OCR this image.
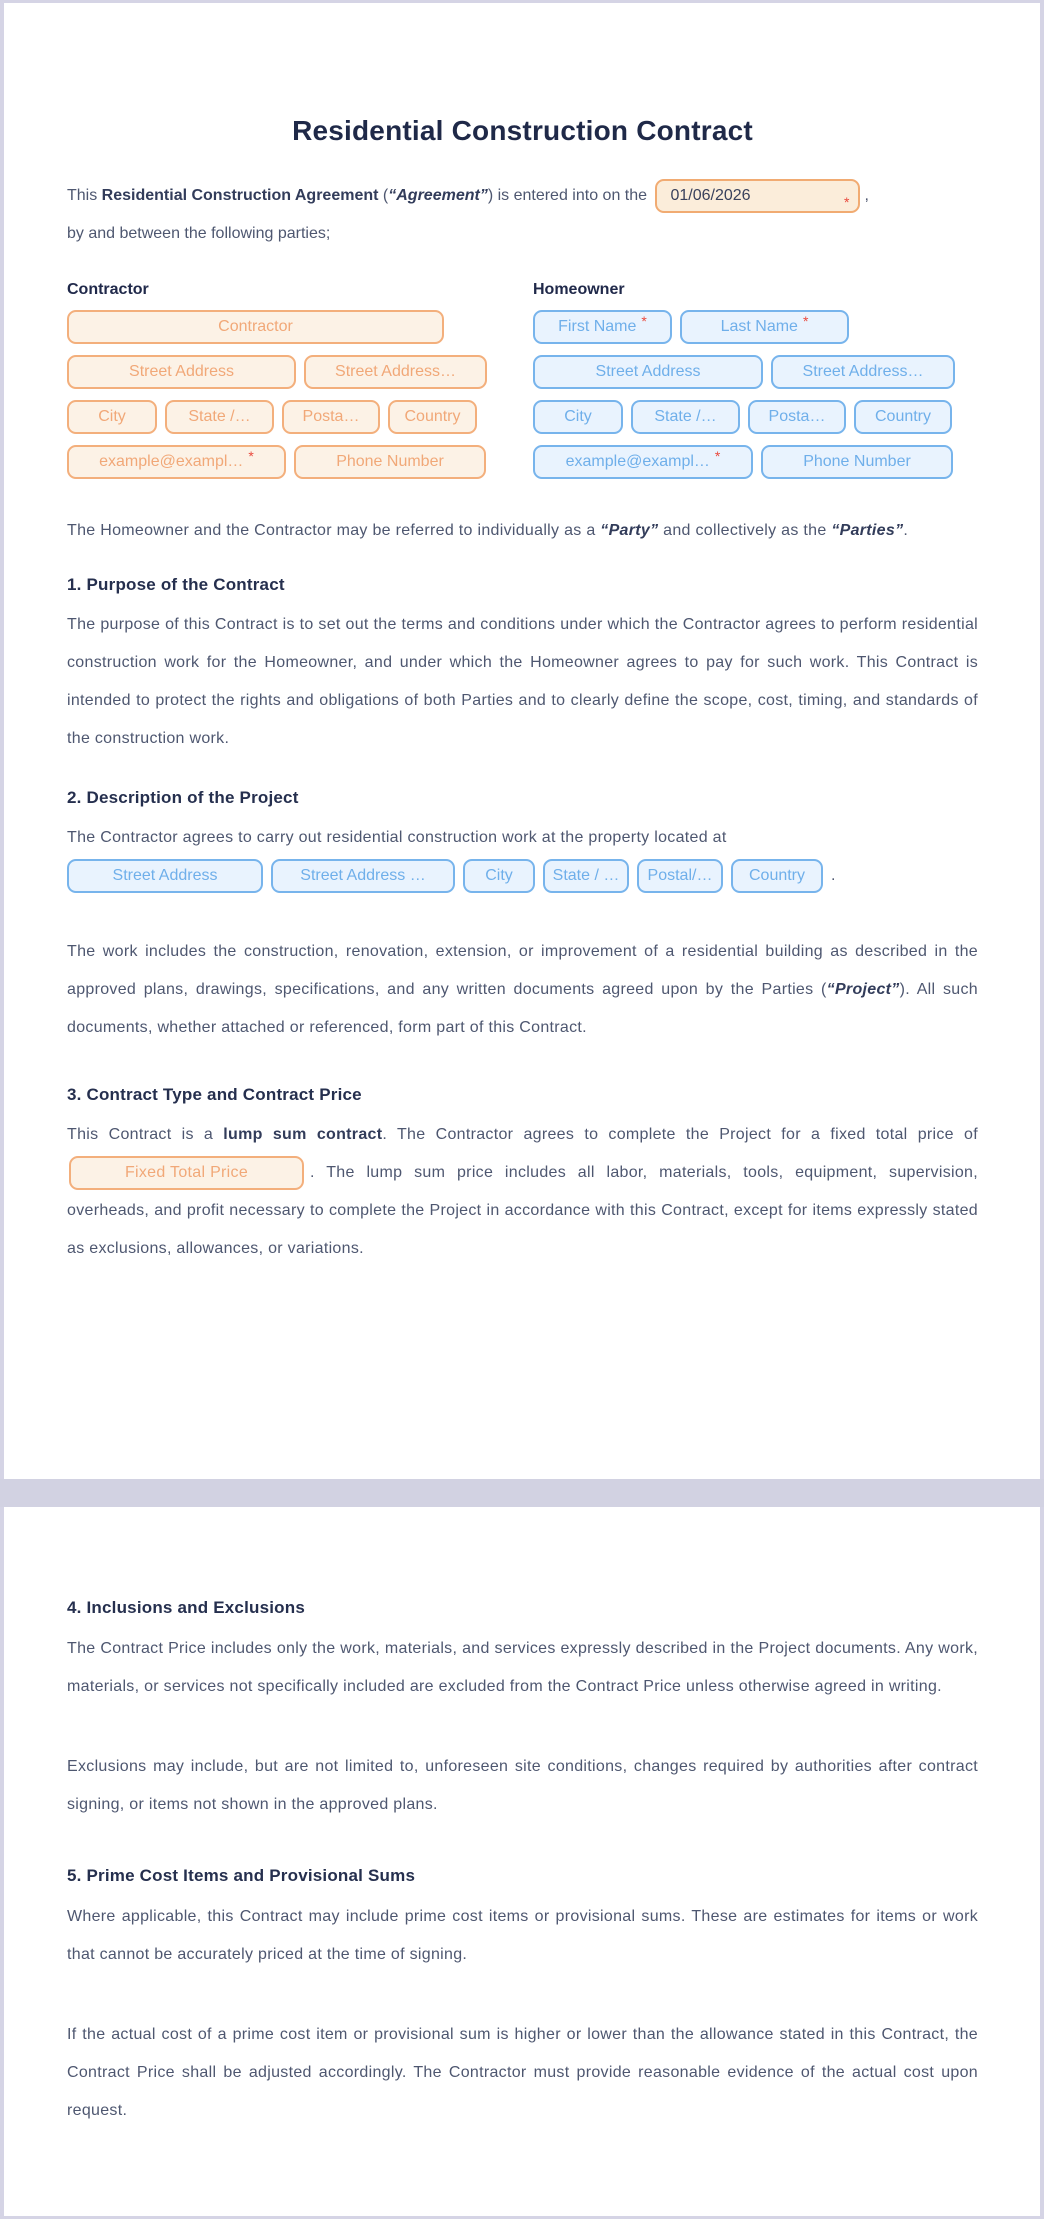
Residential Construction Contract

This Residential Construction Agreement (“Agreement”) is entered into on the 01/06/2026	* ,

by and between the following parties;

Contractor
Contractor
Street Address	Street Address…
City	State /…	Posta…	Country
example@exampl… *	Phone Number
Homeowner
First Name *	Last Name *
Street Address	Street Address…
City	State /…	Posta…	Country
example@exampl… *	Phone Number

The Homeowner and the Contractor may be referred to individually as a “Party” and collectively as the “Parties”.

1. Purpose of the Contract

The purpose of this Contract is to set out the terms and conditions under which the Contractor agrees to perform residential construction work for the Homeowner, and under which the Homeowner agrees to pay for such work. This Contract is intended to protect the rights and obligations of both Parties and to clearly define the scope, cost, timing, and standards of the construction work.

2. Description of the Project

The Contractor agrees to carry out residential construction work at the property located at

Street Address	Street Address …	City State / … Postal/… Country .

The work includes the construction, renovation, extension, or improvement of a residential building as described in the approved plans, drawings, specifications, and any written documents agreed upon by the Parties (“Project”). All such documents, whether attached or referenced, form part of this Contract.

3. Contract Type and Contract Price

This Contract is a lump sum contract. The Contractor agrees to complete the Project for a fixed total price of
Fixed Total Price	. The lump sum price includes all labor, materials, tools, equipment, supervision, overheads, and profit necessary to complete the Project in accordance with this Contract, except for items expressly stated as exclusions, allowances, or variations.

4. Inclusions and Exclusions

The Contract Price includes only the work, materials, and services expressly described in the Project documents. Any work, materials, or services not specifically included are excluded from the Contract Price unless otherwise agreed in writing.

Exclusions may include, but are not limited to, unforeseen site conditions, changes required by authorities after contract signing, or items not shown in the approved plans.

5. Prime Cost Items and Provisional Sums

Where applicable, this Contract may include prime cost items or provisional sums. These are estimates for items or work that cannot be accurately priced at the time of signing.

If the actual cost of a prime cost item or provisional sum is higher or lower than the allowance stated in this Contract, the Contract Price shall be adjusted accordingly. The Contractor must provide reasonable evidence of the actual cost upon request.
